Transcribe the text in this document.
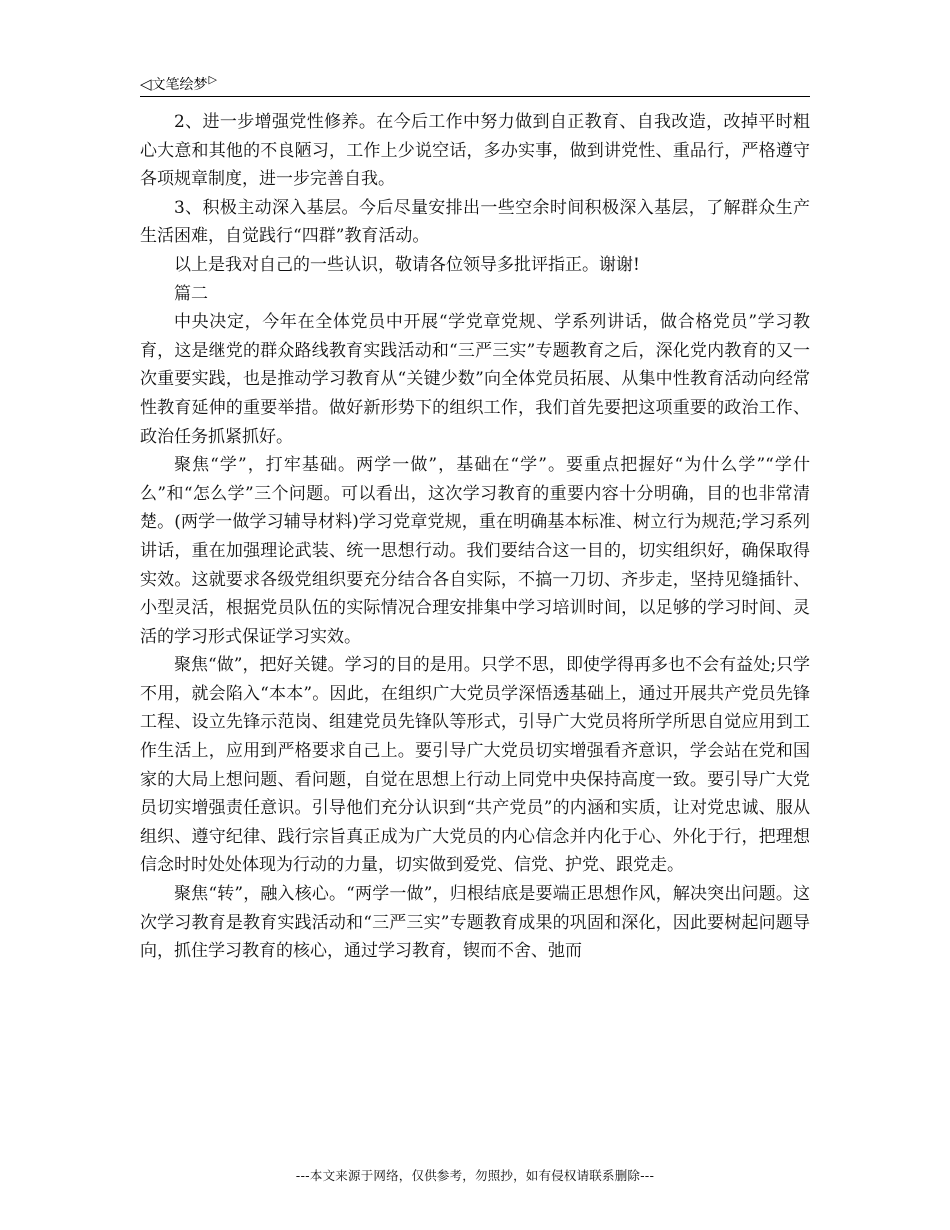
◁ 文笔绘梦 ▷

2、进一步增强党性修养。在今后工作中努力做到自正教育、自我改造，改掉平时粗心大意和其他的不良陋习，工作上少说空话，多办实事，做到讲党性、重品行，严格遵守各项规章制度，进一步完善自我。

3、积极主动深入基层。今后尽量安排出一些空余时间积极深入基层，了解群众生产生活困难，自觉践行“四群”教育活动。

以上是我对自己的一些认识，敬请各位领导多批评指正。谢谢!

篇二

中央决定，今年在全体党员中开展“学党章党规、学系列讲话，做合格党员”学习教育，这是继党的群众路线教育实践活动和“三严三实”专题教育之后，深化党内教育的又一次重要实践，也是推动学习教育从“关键少数”向全体党员拓展、从集中性教育活动向经常性教育延伸的重要举措。做好新形势下的组织工作，我们首先要把这项重要的政治工作、政治任务抓紧抓好。

聚焦“学”，打牢基础。两学一做”，基础在“学”。要重点把握好“为什么学”“学什么”和“怎么学”三个问题。可以看出，这次学习教育的重要内容十分明确，目的也非常清楚。(两学一做学习辅导材料)学习党章党规，重在明确基本标准、树立行为规范;学习系列讲话，重在加强理论武装、统一思想行动。我们要结合这一目的，切实组织好，确保取得实效。这就要求各级党组织要充分结合各自实际，不搞一刀切、齐步走，坚持见缝插针、小型灵活，根据党员队伍的实际情况合理安排集中学习培训时间，以足够的学习时间、灵活的学习形式保证学习实效。

聚焦“做”，把好关键。学习的目的是用。只学不思，即使学得再多也不会有益处;只学不用，就会陷入“本本”。因此，在组织广大党员学深悟透基础上，通过开展共产党员先锋工程、设立先锋示范岗、组建党员先锋队等形式，引导广大党员将所学所思自觉应用到工作生活上，应用到严格要求自己上。要引导广大党员切实增强看齐意识，学会站在党和国家的大局上想问题、看问题，自觉在思想上行动上同党中央保持高度一致。要引导广大党员切实增强责任意识。引导他们充分认识到“共产党员”的内涵和实质，让对党忠诚、服从组织、遵守纪律、践行宗旨真正成为广大党员的内心信念并内化于心、外化于行，把理想信念时时处处体现为行动的力量，切实做到爱党、信党、护党、跟党走。

聚焦“转”，融入核心。“两学一做”，归根结底是要端正思想作风，解决突出问题。这次学习教育是教育实践活动和“三严三实”专题教育成果的巩固和深化，因此要树起问题导向，抓住学习教育的核心，通过学习教育，锲而不舍、弛而

---本文来源于网络，仅供参考，勿照抄，如有侵权请联系删除---
